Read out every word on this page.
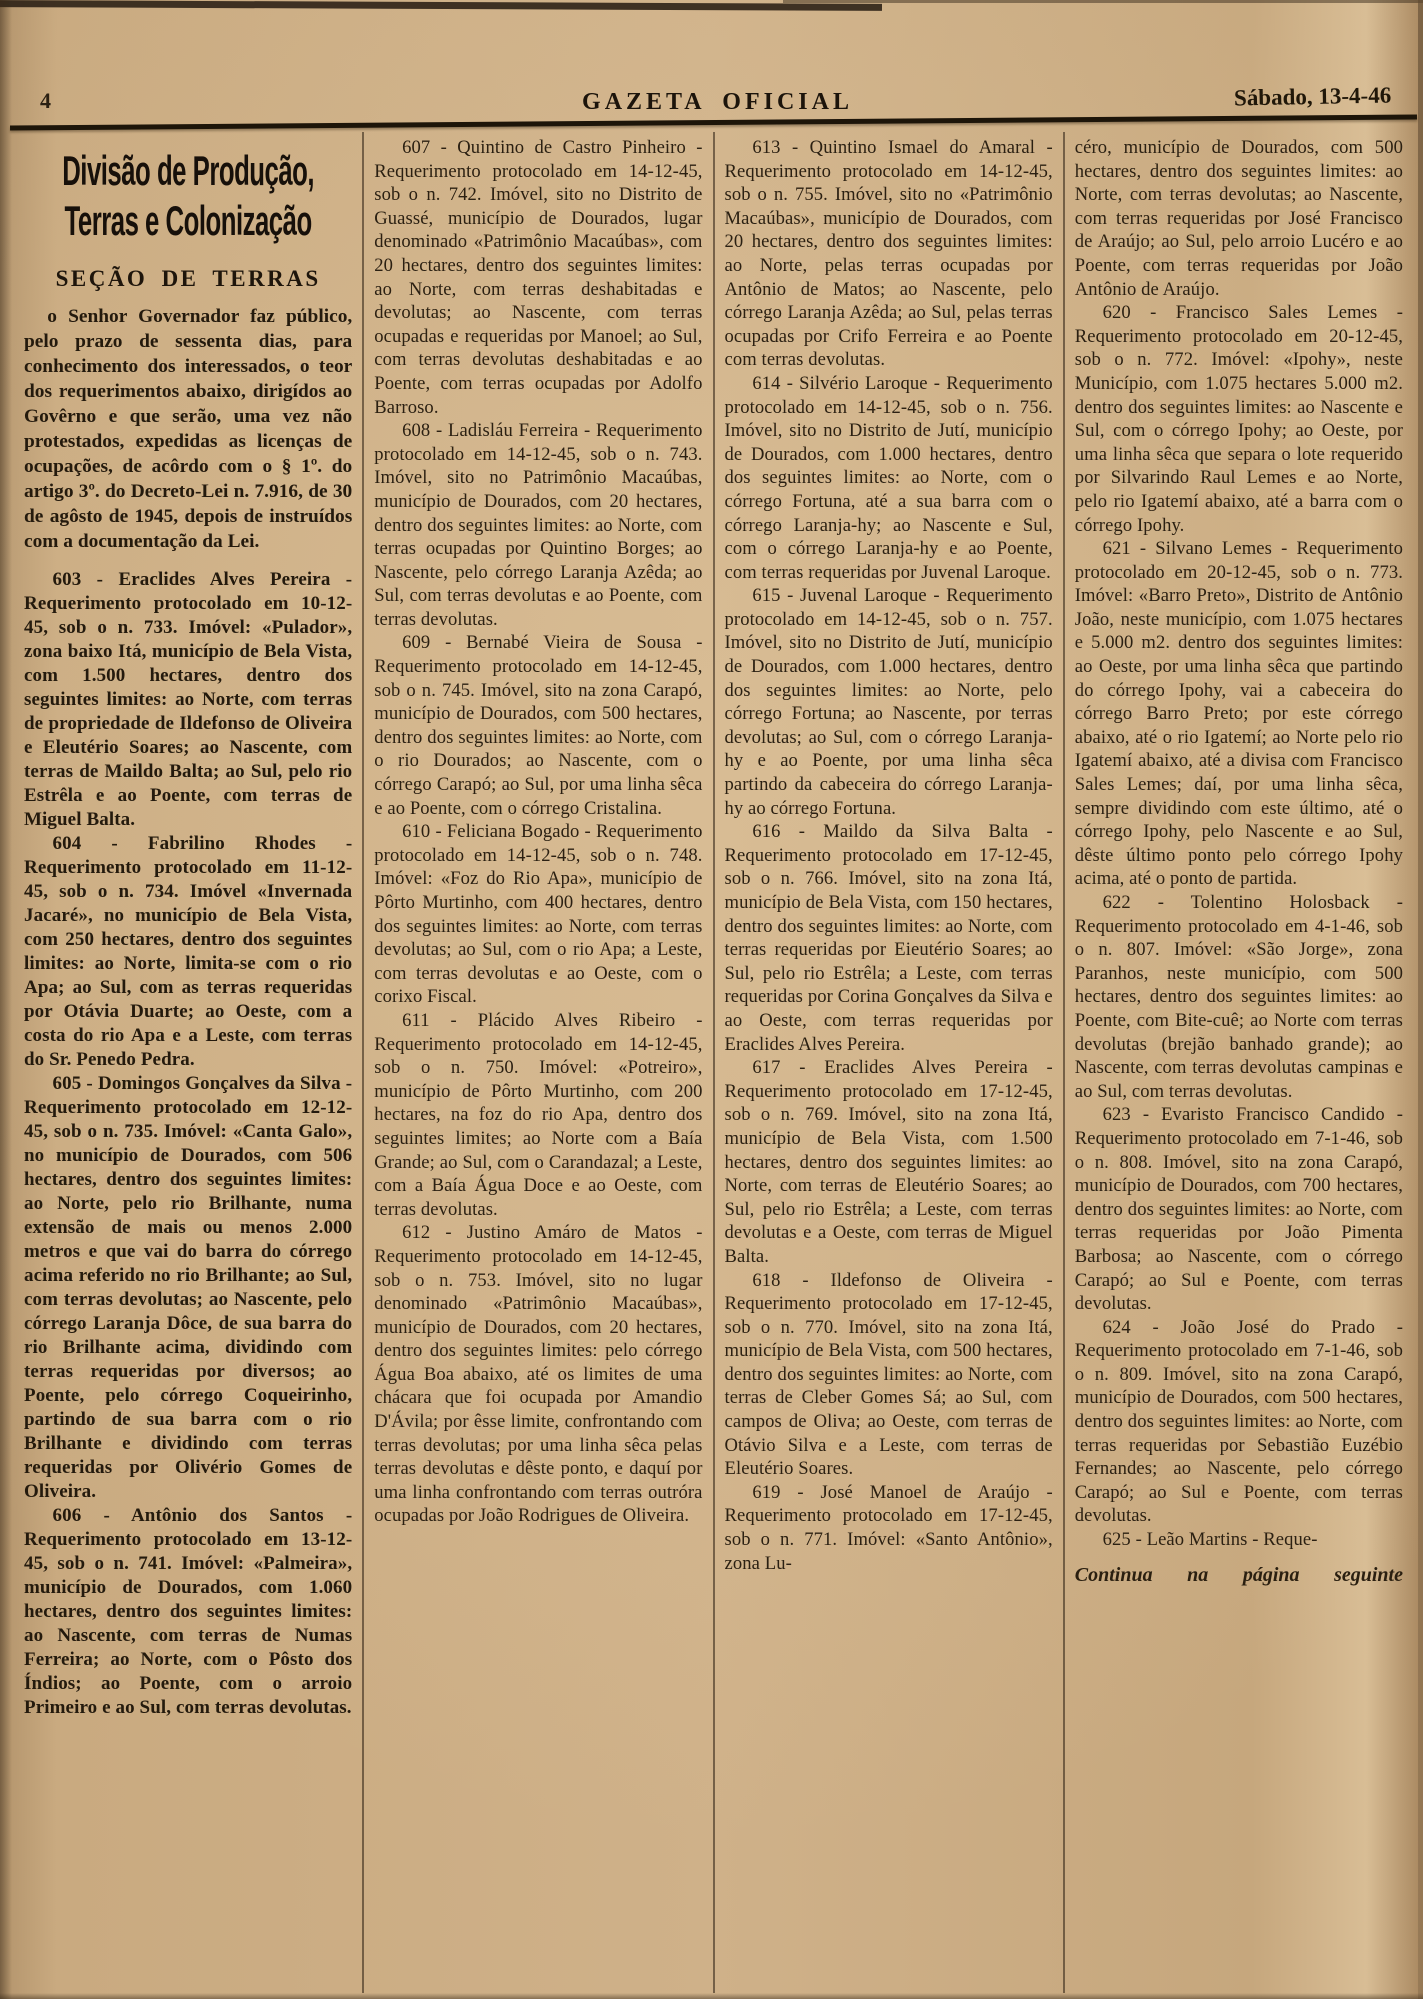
4	GAZETA OFICIAL	Sábado, 13-4-46
Divisão de Produção, Terras e Colonização
SEÇÃO DE TERRAS

o Senhor Governador faz público, pelo prazo de sessenta dias, para conhecimento dos interessados, o teor dos requerimentos abaixo, dirigídos ao Govêrno e que serão, uma vez não protestados, expedidas as licenças de ocupações, de acôrdo com o § 1º. do artigo 3º. do Decreto-Lei n. 7.916, de 30 de agôsto de 1945, depois de instruídos com a documentação da Lei.

603 - Eraclides Alves Pereira - Requerimento protocolado em 10-12-45, sob o n. 733. Imóvel: «Pulador», zona baixo Itá, município de Bela Vista, com 1.500 hectares, dentro dos seguintes limites: ao Norte, com terras de propriedade de Ildefonso de Oliveira e Eleutério Soares; ao Nascente, com terras de Maildo Balta; ao Sul, pelo rio Estrêla e ao Poente, com terras de Miguel Balta.

604 - Fabrilino Rhodes - Requerimento protocolado em 11-12-45, sob o n. 734. Imóvel «Invernada Jacaré», no município de Bela Vista, com 250 hectares, dentro dos seguintes limites: ao Norte, limita-se com o rio Apa; ao Sul, com as terras requeridas por Otávia Duarte; ao Oeste, com a costa do rio Apa e a Leste, com terras do Sr. Penedo Pedra.

605 - Domingos Gonçalves da Silva - Requerimento protocolado em 12-12-45, sob o n. 735. Imóvel: «Canta Galo», no município de Dourados, com 506 hectares, dentro dos seguintes limites: ao Norte, pelo rio Brilhante, numa extensão de mais ou menos 2.000 metros e que vai do barra do córrego acima referido no rio Brilhante; ao Sul, com terras devolutas; ao Nascente, pelo córrego Laranja Dôce, de sua barra do rio Brilhante acima, dividindo com terras requeridas por diversos; ao Poente, pelo córrego Coqueirinho, partindo de sua barra com o rio Brilhante e dividindo com terras requeridas por Olivério Gomes de Oliveira.

606 - Antônio dos Santos - Requerimento protocolado em 13-12-45, sob o n. 741. Imóvel: «Palmeira», município de Dourados, com 1.060 hectares, dentro dos seguintes limites: ao Nascente, com terras de Numas Ferreira; ao Norte, com o Pôsto dos Índios; ao Poente, com o arroio Primeiro e ao Sul, com terras devolutas.

607 - Quintino de Castro Pinheiro - Requerimento protocolado em 14-12-45, sob o n. 742. Imóvel, sito no Distrito de Guassé, município de Dourados, lugar denominado «Patrimônio Macaúbas», com 20 hectares, dentro dos seguintes limites: ao Norte, com terras deshabitadas e devolutas; ao Nascente, com terras ocupadas e requeridas por Manoel; ao Sul, com terras devolutas deshabitadas e ao Poente, com terras ocupadas por Adolfo Barroso.

608 - Ladisláu Ferreira - Requerimento protocolado em 14-12-45, sob o n. 743. Imóvel, sito no Patrimônio Macaúbas, município de Dourados, com 20 hectares, dentro dos seguintes limites: ao Norte, com terras ocupadas por Quintino Borges; ao Nascente, pelo córrego Laranja Azêda; ao Sul, com terras devolutas e ao Poente, com terras devolutas.

609 - Bernabé Vieira de Sousa - Requerimento protocolado em 14-12-45, sob o n. 745. Imóvel, sito na zona Carapó, município de Dourados, com 500 hectares, dentro dos seguintes limites: ao Norte, com o rio Dourados; ao Nascente, com o córrego Carapó; ao Sul, por uma linha sêca e ao Poente, com o córrego Cristalina.

610 - Feliciana Bogado - Requerimento protocolado em 14-12-45, sob o n. 748. Imóvel: «Foz do Rio Apa», município de Pôrto Murtinho, com 400 hectares, dentro dos seguintes limites: ao Norte, com terras devolutas; ao Sul, com o rio Apa; a Leste, com terras devolutas e ao Oeste, com o corixo Fiscal.

611 - Plácido Alves Ribeiro - Requerimento protocolado em 14-12-45, sob o n. 750. Imóvel: «Potreiro», município de Pôrto Murtinho, com 200 hectares, na foz do rio Apa, dentro dos seguintes limites; ao Norte com a Baía Grande; ao Sul, com o Carandazal; a Leste, com a Baía Água Doce e ao Oeste, com terras devolutas.

612 - Justino Amáro de Matos - Requerimento protocolado em 14-12-45, sob o n. 753. Imóvel, sito no lugar denominado «Patrimônio Macaúbas», município de Dourados, com 20 hectares, dentro dos seguintes limites: pelo córrego Água Boa abaixo, até os limites de uma chácara que foi ocupada por Amandio D'Ávila; por êsse limite, confrontando com terras devolutas; por uma linha sêca pelas terras devolutas e dêste ponto, e daquí por uma linha confrontando com terras outróra ocupadas por João Rodrigues de Oliveira.

613 - Quintino Ismael do Amaral - Requerimento protocolado em 14-12-45, sob o n. 755. Imóvel, sito no «Patrimônio Macaúbas», município de Dourados, com 20 hectares, dentro dos seguintes limites: ao Norte, pelas terras ocupadas por Antônio de Matos; ao Nascente, pelo córrego Laranja Azêda; ao Sul, pelas terras ocupadas por Crifo Ferreira e ao Poente com terras devolutas.

614 - Silvério Laroque - Requerimento protocolado em 14-12-45, sob o n. 756. Imóvel, sito no Distrito de Jutí, município de Dourados, com 1.000 hectares, dentro dos seguintes limites: ao Norte, com o córrego Fortuna, até a sua barra com o córrego Laranja-hy; ao Nascente e Sul, com o córrego Laranja-hy e ao Poente, com terras requeridas por Juvenal Laroque.

615 - Juvenal Laroque - Requerimento protocolado em 14-12-45, sob o n. 757. Imóvel, sito no Distrito de Jutí, município de Dourados, com 1.000 hectares, dentro dos seguintes limites: ao Norte, pelo córrego Fortuna; ao Nascente, por terras devolutas; ao Sul, com o córrego Laranja-hy e ao Poente, por uma linha sêca partindo da cabeceira do córrego Laranja-hy ao córrego Fortuna.

616 - Maildo da Silva Balta - Requerimento protocolado em 17-12-45, sob o n. 766. Imóvel, sito na zona Itá, município de Bela Vista, com 150 hectares, dentro dos seguintes limites: ao Norte, com terras requeridas por Eieutério Soares; ao Sul, pelo rio Estrêla; a Leste, com terras requeridas por Corina Gonçalves da Silva e ao Oeste, com terras requeridas por Eraclides Alves Pereira.

617 - Eraclides Alves Pereira - Requerimento protocolado em 17-12-45, sob o n. 769. Imóvel, sito na zona Itá, município de Bela Vista, com 1.500 hectares, dentro dos seguintes limites: ao Norte, com terras de Eleutério Soares; ao Sul, pelo rio Estrêla; a Leste, com terras devolutas e a Oeste, com terras de Miguel Balta.

618 - Ildefonso de Oliveira - Requerimento protocolado em 17-12-45, sob o n. 770. Imóvel, sito na zona Itá, município de Bela Vista, com 500 hectares, dentro dos seguintes limites: ao Norte, com terras de Cleber Gomes Sá; ao Sul, com campos de Oliva; ao Oeste, com terras de Otávio Silva e a Leste, com terras de Eleutério Soares.

619 - José Manoel de Araújo - Requerimento protocolado em 17-12-45, sob o n. 771. Imóvel: «Santo Antônio», zona Lu-

céro, município de Dourados, com 500 hectares, dentro dos seguintes limites: ao Norte, com terras devolutas; ao Nascente, com terras requeridas por José Francisco de Araújo; ao Sul, pelo arroio Lucéro e ao Poente, com terras requeridas por João Antônio de Araújo.

620 - Francisco Sales Lemes - Requerimento protocolado em 20-12-45, sob o n. 772. Imóvel: «Ipohy», neste Município, com 1.075 hectares 5.000 m2. dentro dos seguintes limites: ao Nascente e Sul, com o córrego Ipohy; ao Oeste, por uma linha sêca que separa o lote requerido por Silvarindo Raul Lemes e ao Norte, pelo rio Igatemí abaixo, até a barra com o córrego Ipohy.

621 - Silvano Lemes - Requerimento protocolado em 20-12-45, sob o n. 773. Imóvel: «Barro Preto», Distrito de Antônio João, neste município, com 1.075 hectares e 5.000 m2. dentro dos seguintes limites: ao Oeste, por uma linha sêca que partindo do córrego Ipohy, vai a cabeceira do córrego Barro Preto; por este córrego abaixo, até o rio Igatemí; ao Norte pelo rio Igatemí abaixo, até a divisa com Francisco Sales Lemes; daí, por uma linha sêca, sempre dividindo com este último, até o córrego Ipohy, pelo Nascente e ao Sul, dêste último ponto pelo córrego Ipohy acima, até o ponto de partida.

622 - Tolentino Holosback - Requerimento protocolado em 4-1-46, sob o n. 807. Imóvel: «São Jorge», zona Paranhos, neste município, com 500 hectares, dentro dos seguintes limites: ao Poente, com Bite-cuê; ao Norte com terras devolutas (brejão banhado grande); ao Nascente, com terras devolutas campinas e ao Sul, com terras devolutas.

623 - Evaristo Francisco Candido - Requerimento protocolado em 7-1-46, sob o n. 808. Imóvel, sito na zona Carapó, município de Dourados, com 700 hectares, dentro dos seguintes limites: ao Norte, com terras requeridas por João Pimenta Barbosa; ao Nascente, com o córrego Carapó; ao Sul e Poente, com terras devolutas.

624 - João José do Prado - Requerimento protocolado em 7-1-46, sob o n. 809. Imóvel, sito na zona Carapó, município de Dourados, com 500 hectares, dentro dos seguintes limites: ao Norte, com terras requeridas por Sebastião Euzébio Fernandes; ao Nascente, pelo córrego Carapó; ao Sul e Poente, com terras devolutas.

625 - Leão Martins - Reque-

Continua na página seguinte
